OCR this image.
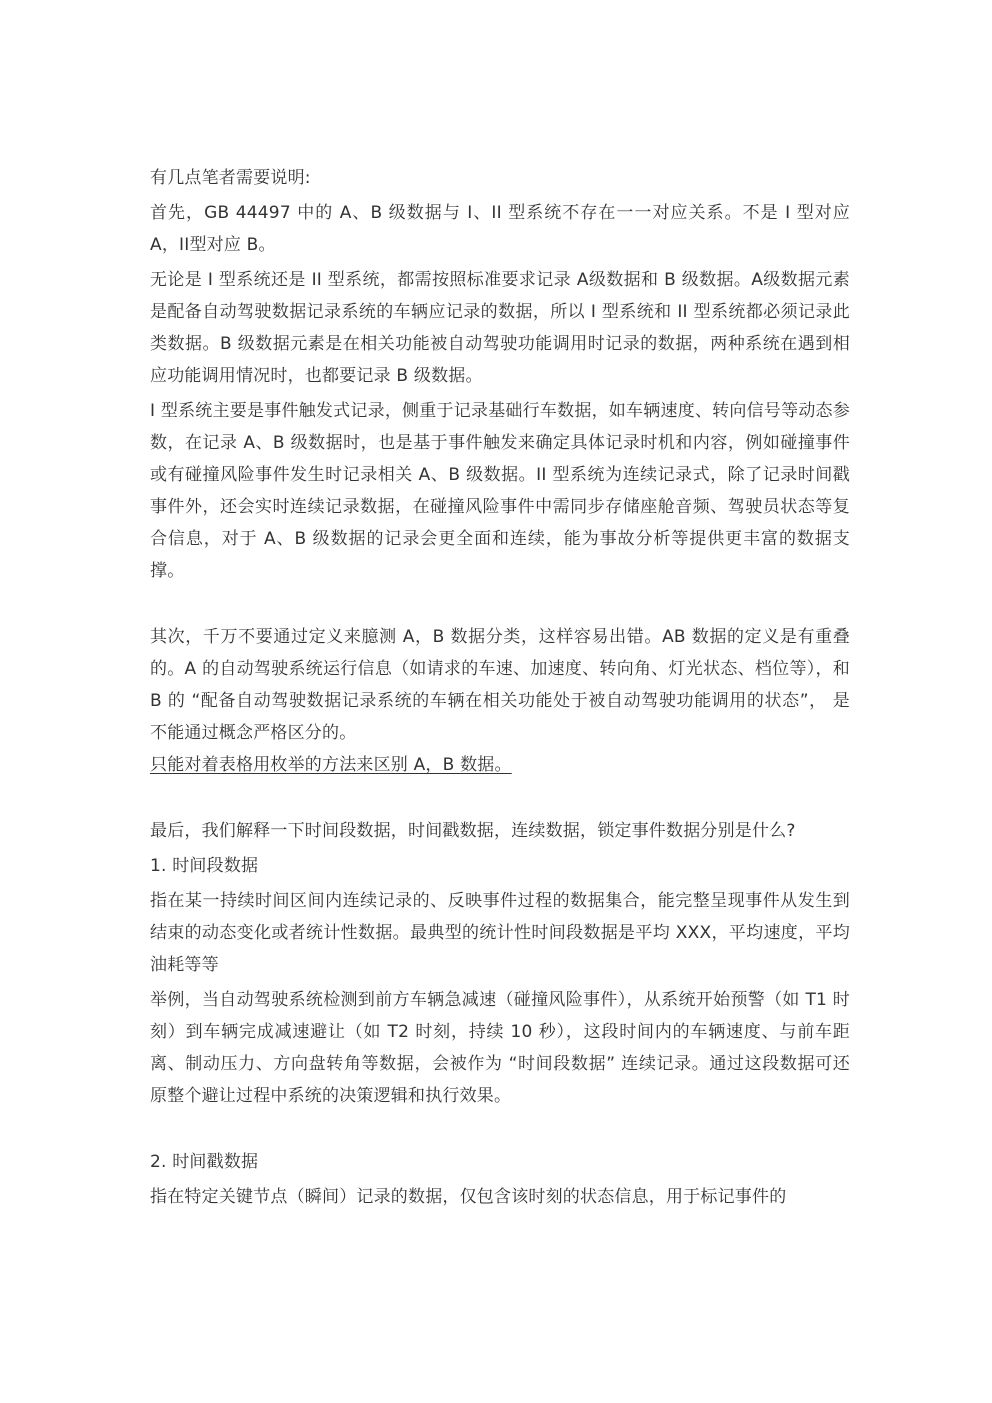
有几点笔者需要说明:

首先，GB 44497 中的 A、B 级数据与 I、II 型系统不存在一一对应关系。不是 I 型对应 A，II型对应 B。

无论是 I 型系统还是 II 型系统，都需按照标准要求记录 A级数据和 B 级数据。A级数据元素是配备自动驾驶数据记录系统的车辆应记录的数据，所以 I 型系统和 II 型系统都必须记录此类数据。B 级数据元素是在相关功能被自动驾驶功能调用时记录的数据，两种系统在遇到相应功能调用情况时，也都要记录 B 级数据。

I 型系统主要是事件触发式记录，侧重于记录基础行车数据，如车辆速度、转向信号等动态参数，在记录 A、B 级数据时，也是基于事件触发来确定具体记录时机和内容，例如碰撞事件或有碰撞风险事件发生时记录相关 A、B 级数据。II 型系统为连续记录式，除了记录时间戳事件外，还会实时连续记录数据，在碰撞风险事件中需同步存储座舱音频、驾驶员状态等复合信息，对于 A、B 级数据的记录会更全面和连续，能为事故分析等提供更丰富的数据支撑。

其次，千万不要通过定义来臆测 A，B 数据分类，这样容易出错。AB 数据的定义是有重叠的。A 的自动驾驶系统运行信息（如请求的车速、加速度、转向角、灯光状态、档位等），和 B 的 “配备自动驾驶数据记录系统的车辆在相关功能处于被自动驾驶功能调用的状态”， 是不能通过概念严格区分的。

只能对着表格用枚举的方法来区别 A，B 数据。

最后，我们解释一下时间段数据，时间戳数据，连续数据，锁定事件数据分别是什么?

1. 时间段数据

指在某一持续时间区间内连续记录的、反映事件过程的数据集合，能完整呈现事件从发生到结束的动态变化或者统计性数据。最典型的统计性时间段数据是平均 XXX，平均速度，平均油耗等等

举例，当自动驾驶系统检测到前方车辆急减速（碰撞风险事件），从系统开始预警（如 T1 时刻）到车辆完成减速避让（如 T2 时刻，持续 10 秒），这段时间内的车辆速度、与前车距离、制动压力、方向盘转角等数据，会被作为 “时间段数据” 连续记录。通过这段数据可还原整个避让过程中系统的决策逻辑和执行效果。

2. 时间戳数据

指在特定关键节点（瞬间）记录的数据，仅包含该时刻的状态信息，用于标记事件的
